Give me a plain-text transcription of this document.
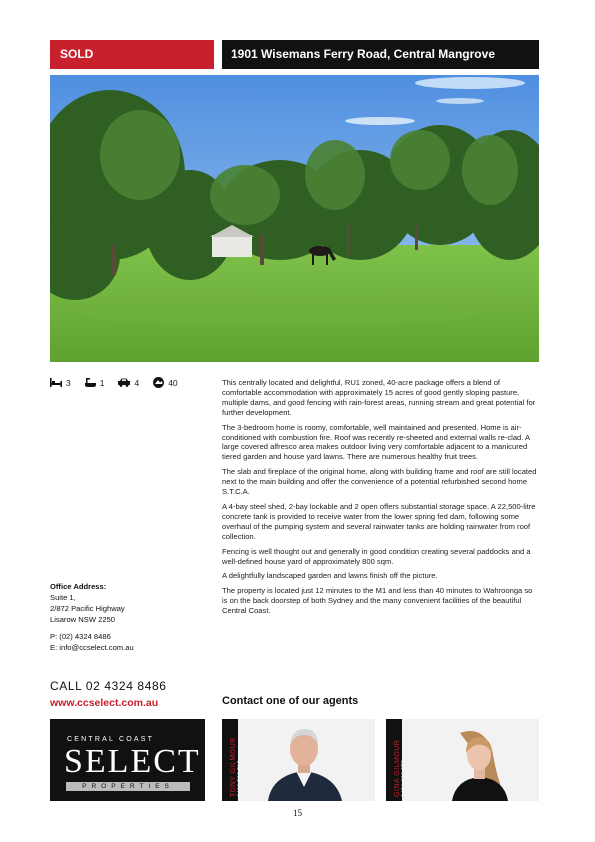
SOLD	1901 Wisemans Ferry Road, Central Mangrove
3	1	4	40	This centrally located and delightful, RU1 zoned, 40-acre package offers a blend of comfortable accommodation with approximately 15 acres of good gently sloping pasture, multiple dams, and good fencing with rain-forest areas, running stream and great potential for further development.

The 3-bedroom home is roomy, comfortable, well maintained and presented. Home is air-conditioned with combustion fire. Roof was recently re-sheeted and external walls re-clad. A large covered alfresco area makes outdoor living very comfortable adjacent to a manicured tiered garden and house yard lawns. There are numerous healthy fruit trees.

The slab and fireplace of the original home, along with building frame and roof are still located next to the main building and offer the convenience of a potential refurbished second home S.T.C.A.

A 4-bay steel shed, 2-bay lockable and 2 open offers substantial storage space. A 22,500-litre concrete tank is provided to receive water from the lower spring fed dam, following some overhaul of the pumping system and several rainwater tanks are holding rainwater from roof collection.

Fencing is well thought out and generally in good condition creating several paddocks and a well-defined house yard of approximately 800 sqm.

A delightfully landscaped garden and lawns finish off the picture.

The property is located just 12 minutes to the M1 and less than 40 minutes to Wahroonga so is on the back doorstep of both Sydney and the many convenient facilities of the beautiful Central Coast.

Office Address:
Suite 1,
2/872 Pacific Highway
Lisarow NSW 2250
P: (02) 4324 8486
E: info@ccselect.com.au
CALL 02 4324 8486
www.ccselect.com.au	Contact one of our agents
CENTRAL COAST
SELECT
PROPERTIES	TONY GILMOUR	GINA GILMOUR
15
